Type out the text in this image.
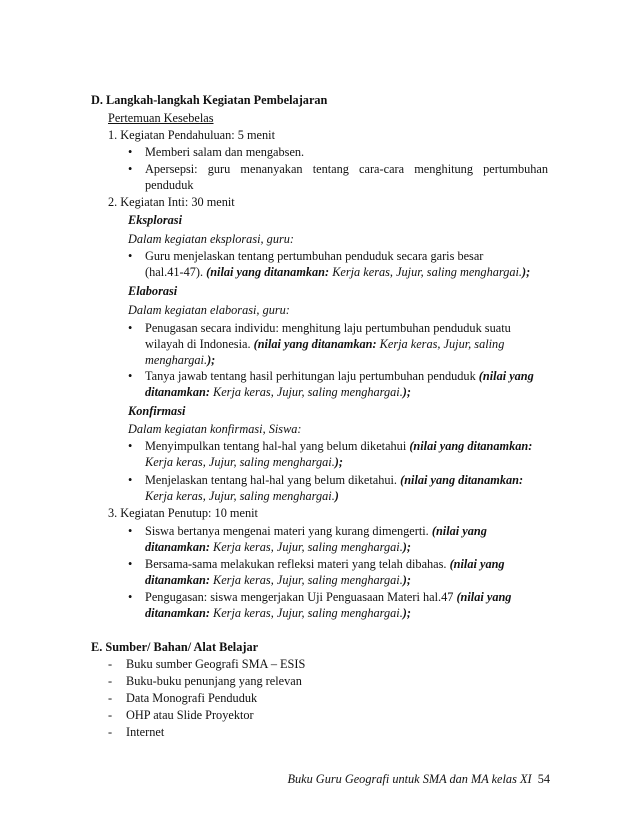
D. Langkah-langkah Kegiatan Pembelajaran
Pertemuan Kesebelas
1. Kegiatan Pendahuluan: 5 menit
• Memberi salam dan mengabsen.
• Apersepsi: guru menanyakan tentang cara-cara menghitung pertumbuhan
penduduk
2. Kegiatan Inti: 30 menit
Eksplorasi
Dalam kegiatan eksplorasi, guru:
• Guru menjelaskan tentang pertumbuhan penduduk secara garis besar
(hal.41-47). (nilai yang ditanamkan: Kerja keras, Jujur, saling menghargai.);
Elaborasi
Dalam kegiatan elaborasi, guru:
• Penugasan secara individu: menghitung laju pertumbuhan penduduk suatu
wilayah di Indonesia. (nilai yang ditanamkan: Kerja keras, Jujur, saling
menghargai.);
• Tanya jawab tentang hasil perhitungan laju pertumbuhan penduduk (nilai yang
ditanamkan: Kerja keras, Jujur, saling menghargai.);
Konfirmasi
Dalam kegiatan konfirmasi, Siswa:
• Menyimpulkan tentang hal-hal yang belum diketahui (nilai yang ditanamkan:
Kerja keras, Jujur, saling menghargai.);
• Menjelaskan tentang hal-hal yang belum diketahui. (nilai yang ditanamkan:
Kerja keras, Jujur, saling menghargai.)
3. Kegiatan Penutup: 10 menit
• Siswa bertanya mengenai materi yang kurang dimengerti. (nilai yang
ditanamkan: Kerja keras, Jujur, saling menghargai.);
• Bersama-sama melakukan refleksi materi yang telah dibahas. (nilai yang
ditanamkan: Kerja keras, Jujur, saling menghargai.);
• Pengugasan: siswa mengerjakan Uji Penguasaan Materi hal.47 (nilai yang
ditanamkan: Kerja keras, Jujur, saling menghargai.);
E. Sumber/ Bahan/ Alat Belajar
- Buku sumber Geografi SMA – ESIS
- Buku-buku penunjang yang relevan
- Data Monografi Penduduk
- OHP atau Slide Proyektor
- Internet
Buku Guru Geografi untuk SMA dan MA kelas XI 54
